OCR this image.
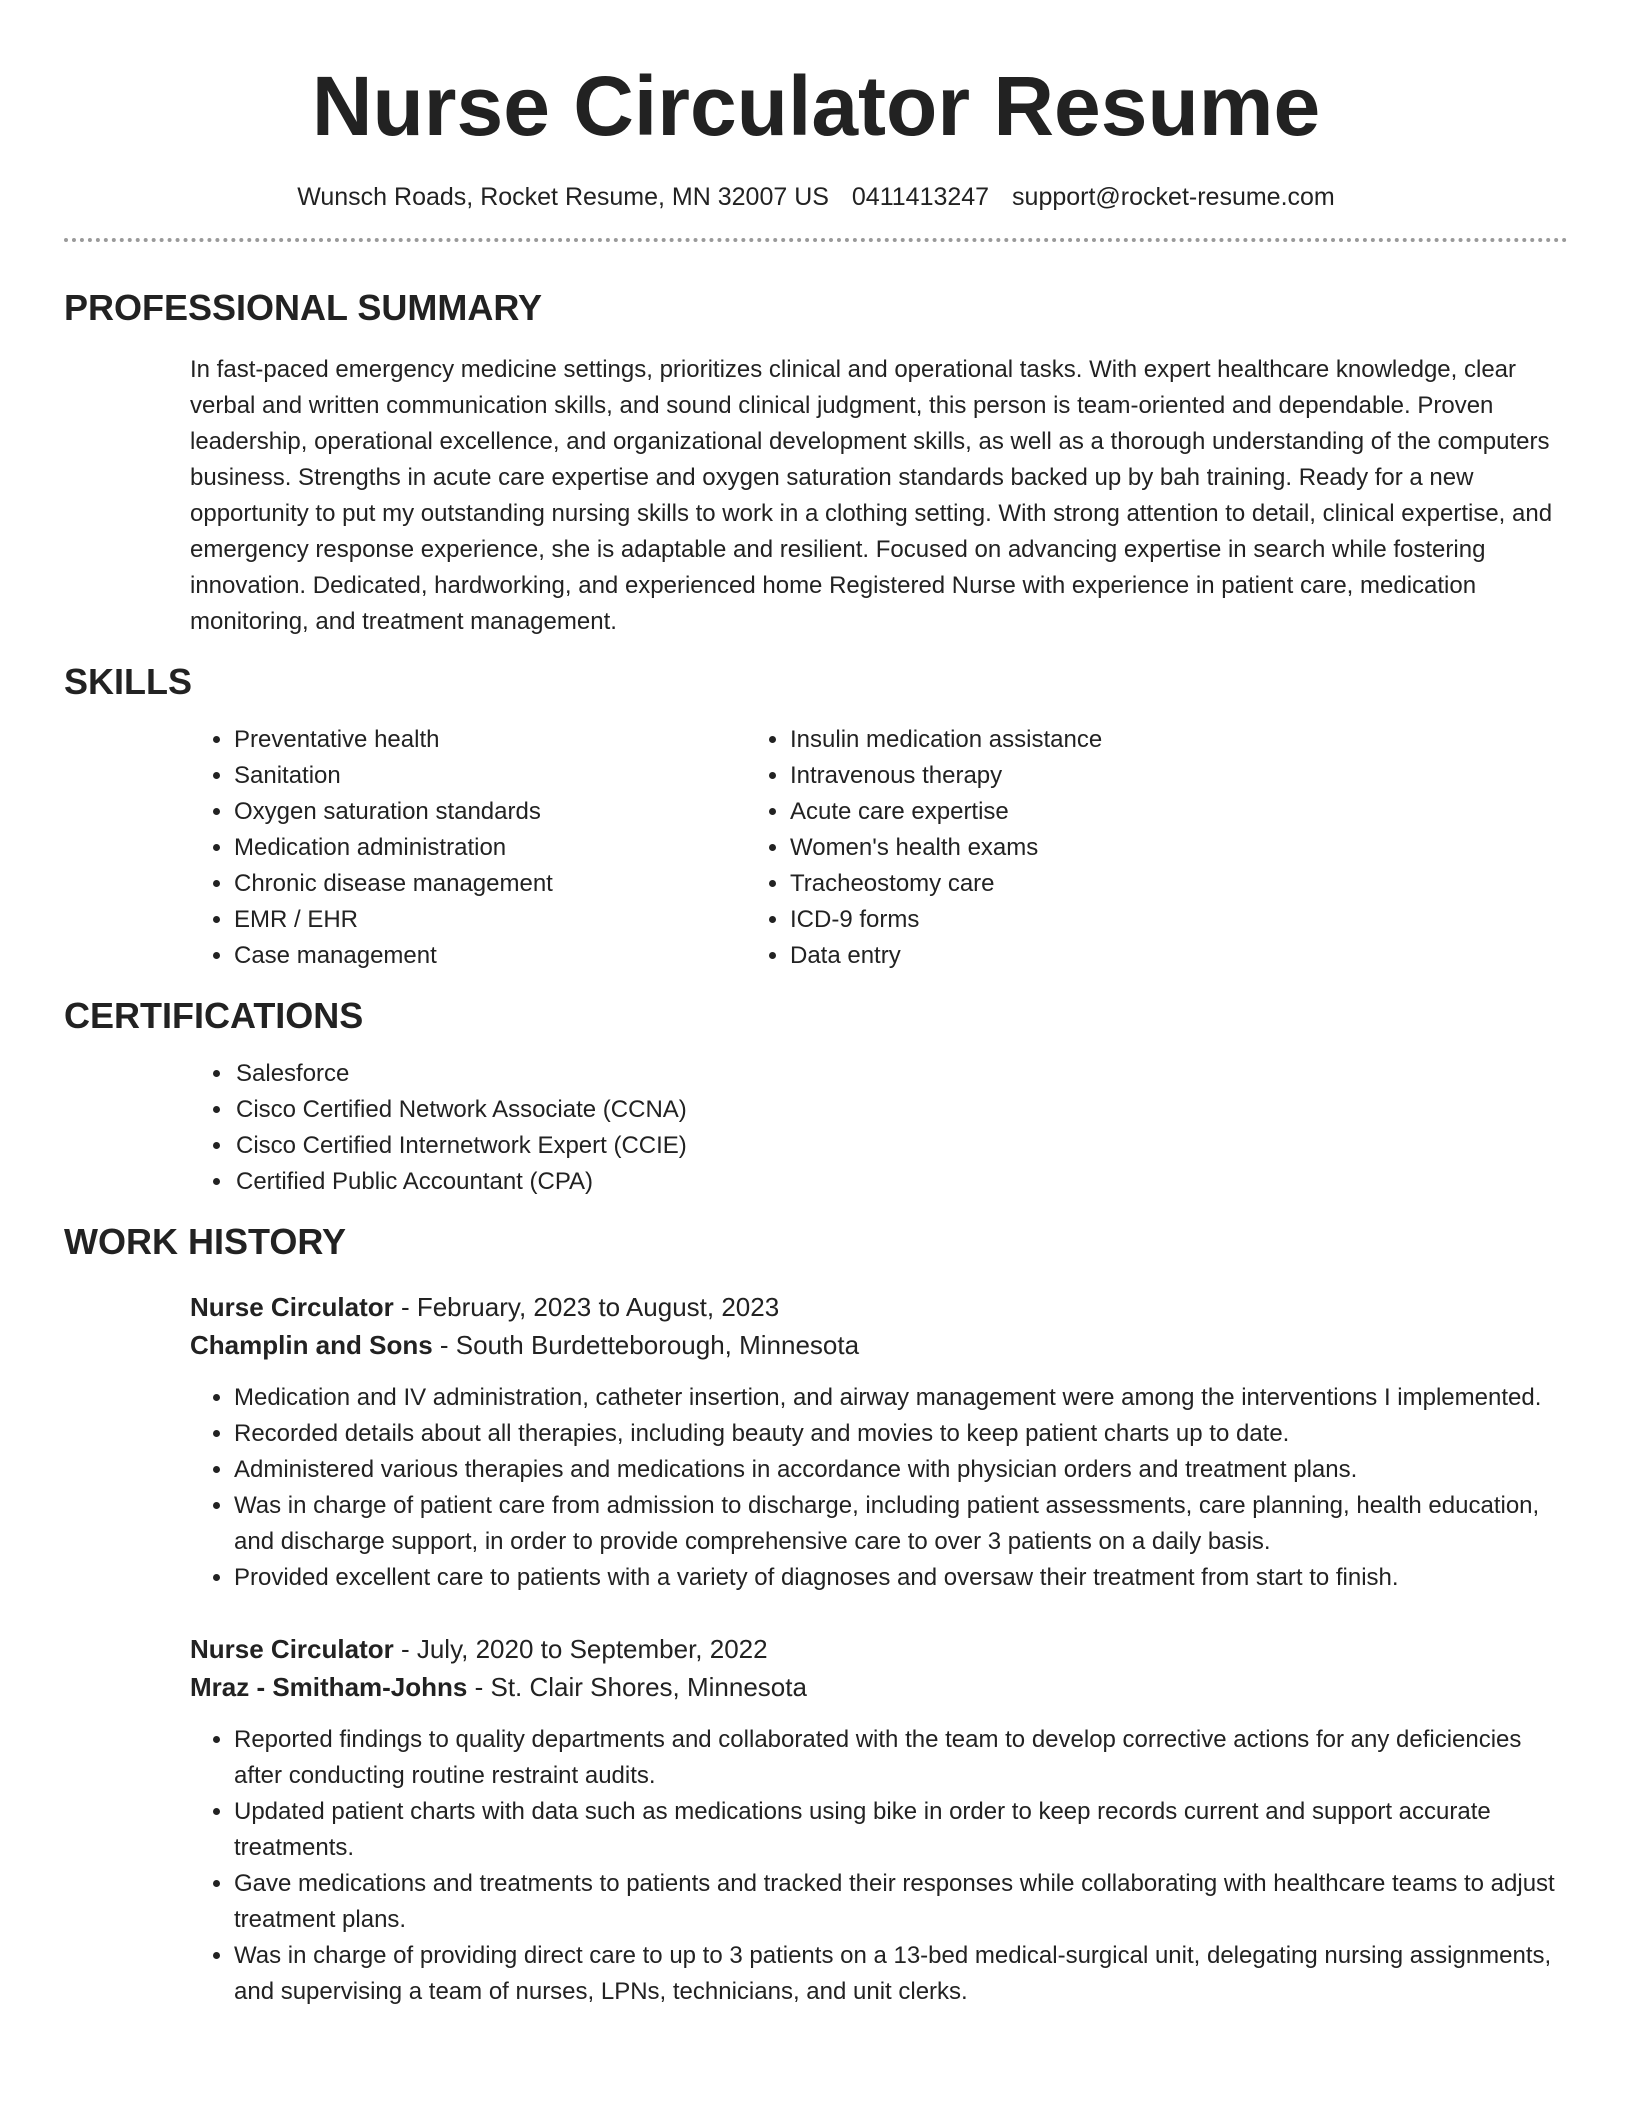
Nurse Circulator Resume
Wunsch Roads, Rocket Resume, MN 32007 US 0411413247 support@rocket-resume.com
PROFESSIONAL SUMMARY
In fast-paced emergency medicine settings, prioritizes clinical and operational tasks. With expert healthcare knowledge, clear verbal and written communication skills, and sound clinical judgment, this person is team-oriented and dependable. Proven leadership, operational excellence, and organizational development skills, as well as a thorough understanding of the computers business. Strengths in acute care expertise and oxygen saturation standards backed up by bah training. Ready for a new opportunity to put my outstanding nursing skills to work in a clothing setting. With strong attention to detail, clinical expertise, and emergency response experience, she is adaptable and resilient. Focused on advancing expertise in search while fostering innovation. Dedicated, hardworking, and experienced home Registered Nurse with experience in patient care, medication monitoring, and treatment management.
SKILLS
• Preventative health
• Sanitation
• Oxygen saturation standards
• Medication administration
• Chronic disease management
• EMR / EHR
• Case management
• Insulin medication assistance
• Intravenous therapy
• Acute care expertise
• Women's health exams
• Tracheostomy care
• ICD-9 forms
• Data entry
CERTIFICATIONS
• Salesforce
• Cisco Certified Network Associate (CCNA)
• Cisco Certified Internetwork Expert (CCIE)
• Certified Public Accountant (CPA)
WORK HISTORY
Nurse Circulator - February, 2023 to August, 2023
Champlin and Sons - South Burdetteborough, Minnesota
• Medication and IV administration, catheter insertion, and airway management were among the interventions I implemented.
• Recorded details about all therapies, including beauty and movies to keep patient charts up to date.
• Administered various therapies and medications in accordance with physician orders and treatment plans.
• Was in charge of patient care from admission to discharge, including patient assessments, care planning, health education, and discharge support, in order to provide comprehensive care to over 3 patients on a daily basis.
• Provided excellent care to patients with a variety of diagnoses and oversaw their treatment from start to finish.
Nurse Circulator - July, 2020 to September, 2022
Mraz - Smitham-Johns - St. Clair Shores, Minnesota
• Reported findings to quality departments and collaborated with the team to develop corrective actions for any deficiencies after conducting routine restraint audits.
• Updated patient charts with data such as medications using bike in order to keep records current and support accurate treatments.
• Gave medications and treatments to patients and tracked their responses while collaborating with healthcare teams to adjust treatment plans.
• Was in charge of providing direct care to up to 3 patients on a 13-bed medical-surgical unit, delegating nursing assignments, and supervising a team of nurses, LPNs, technicians, and unit clerks.
